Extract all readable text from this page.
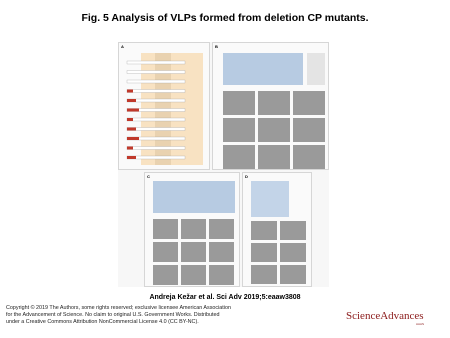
Fig. 5 Analysis of VLPs formed from deletion CP mutants.
A	B
C	D
Andreja Kežar et al. Sci Adv 2019;5:eaaw3808
Copyright © 2019 The Authors, some rights reserved; exclusive licensee American Association
for the Advancement of Science. No claim to original U.S. Government Works. Distributed
under a Creative Commons Attribution NonCommercial License 4.0 (CC BY-NC).
ScienceAdvances
AAAS
